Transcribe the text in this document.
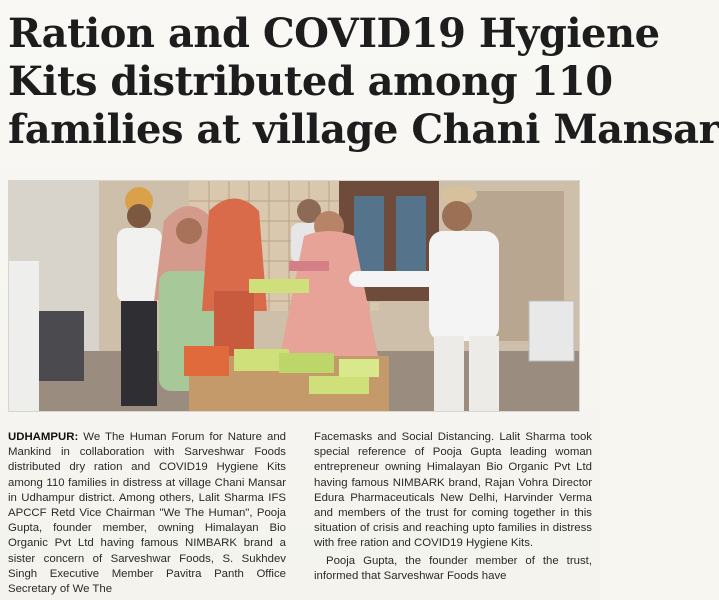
Ration and COVID19 Hygiene
Kits distributed among 110
families at village Chani Mansar

UDHAMPUR: We The Human Forum for Nature and Mankind in collaboration with Sarveshwar Foods distributed dry ration and COVID19 Hygiene Kits among 110 families in distress at village Chani Mansar in Udhampur district. Among others, Lalit Sharma IFS APCCF Retd Vice Chairman "We The Human", Pooja Gupta, founder member, owning Himalayan Bio Organic Pvt Ltd having famous NIMBARK brand a sister concern of Sarveshwar Foods, S. Sukhdev Singh Executive Member Pavitra Panth Office Secretary of We The

Facemasks and Social Distancing. Lalit Sharma took special reference of Pooja Gupta leading woman entrepreneur owning Himalayan Bio Organic Pvt Ltd having famous NIMBARK brand, Rajan Vohra Director Edura Pharmaceuticals New Delhi, Harvinder Verma and members of the trust for coming together in this situation of crisis and reaching upto families in distress with free ration and COVID19 Hygiene Kits.

Pooja Gupta, the founder member of the trust, informed that Sarveshwar Foods have
